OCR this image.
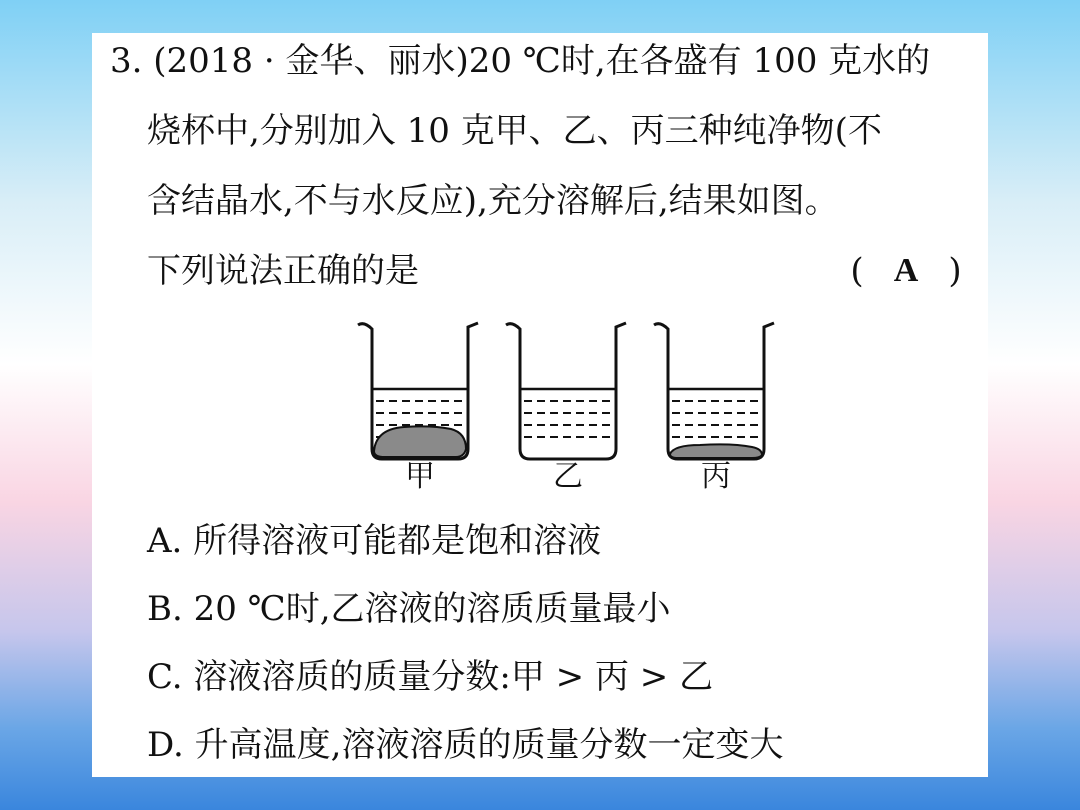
3. (2018 · 金华、丽水)20 ℃时,在各盛有 100 克水的
烧杯中,分别加入 10 克甲、乙、丙三种纯净物(不
含结晶水,不与水反应),充分溶解后,结果如图。
下列说法正确的是	( A )
甲	乙	丙
A. 所得溶液可能都是饱和溶液
B. 20 ℃时,乙溶液的溶质质量最小
C. 溶液溶质的质量分数:甲 > 丙 > 乙
D. 升高温度,溶液溶质的质量分数一定变大
